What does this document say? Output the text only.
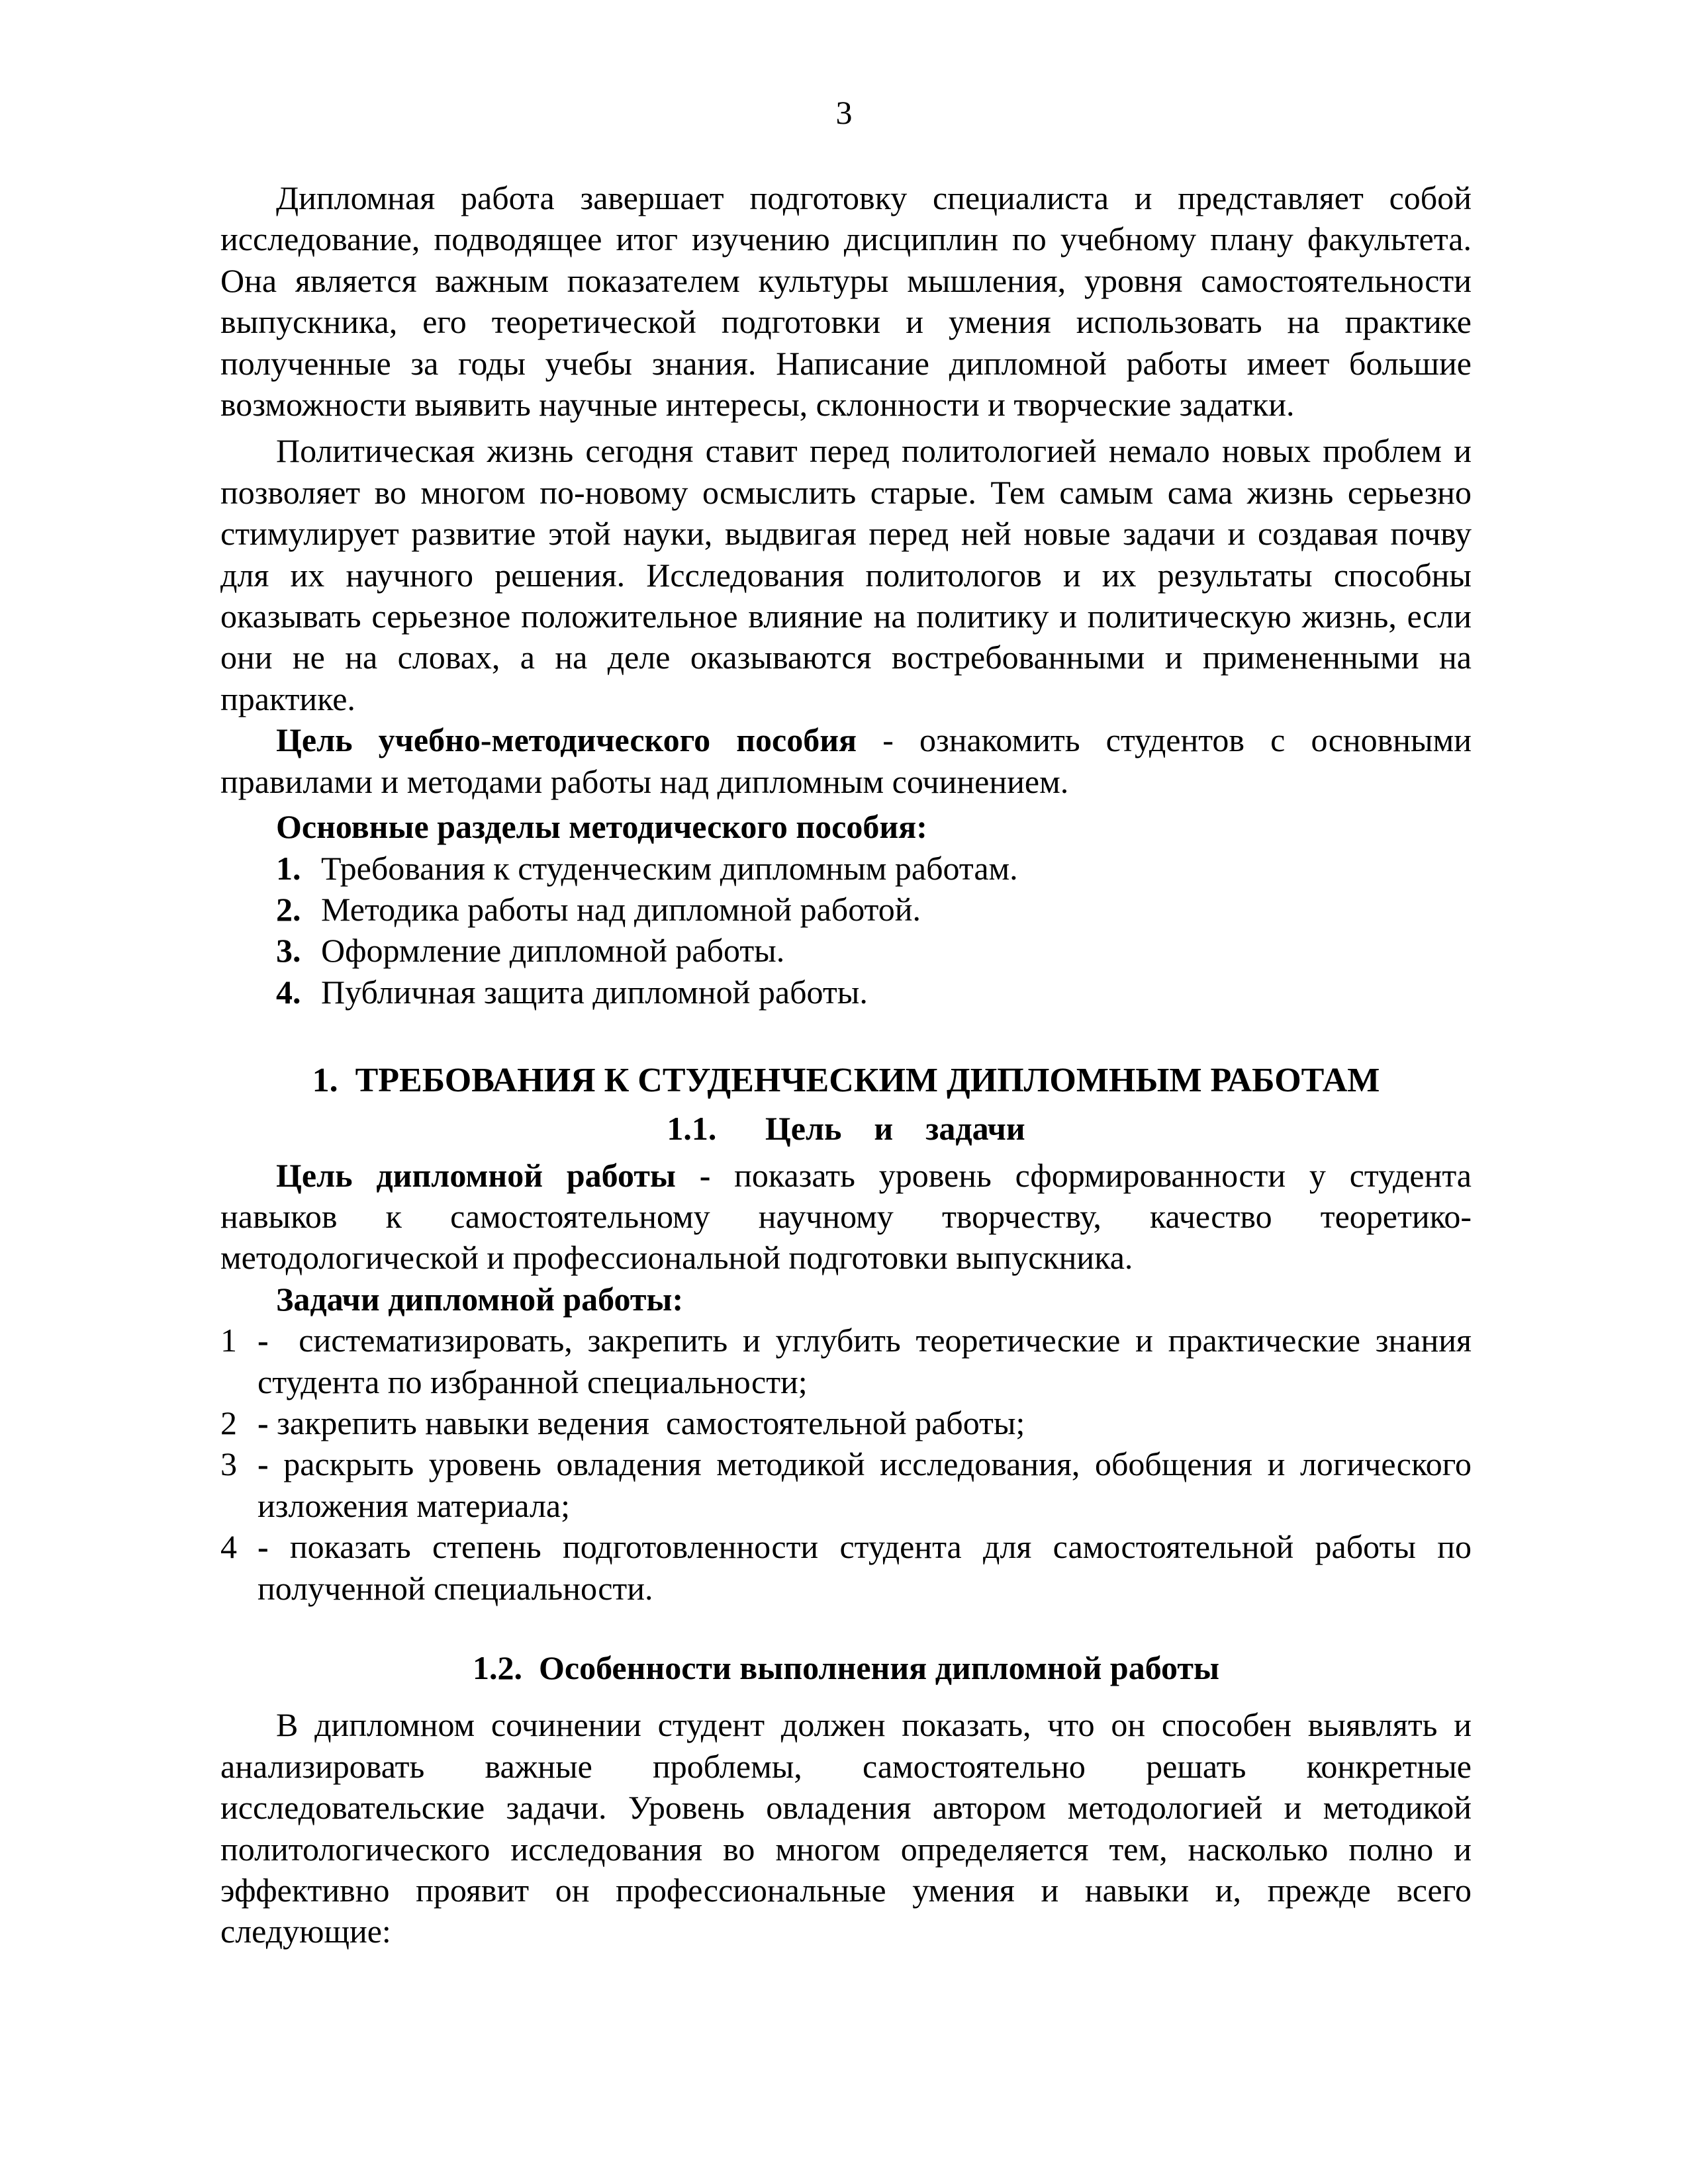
3

Дипломная работа завершает подготовку специалиста и представляет собой исследование, подводящее итог изучению дисциплин по учебному плану факультета. Она является важным показателем культуры мышления, уровня самостоятельности выпускника, его теоретической подготовки и умения использовать на практике полученные за годы учебы знания. Написание дипломной работы имеет большие возможности выявить научные интересы, склонности и творческие задатки.

Политическая жизнь сегодня ставит перед политологией немало новых проблем и позволяет во многом по-новому осмыслить старые. Тем самым сама жизнь серьезно стимулирует развитие этой науки, выдвигая перед ней новые задачи и создавая почву для их научного решения. Исследования политологов и их результаты способны оказывать серьезное положительное влияние на политику и политическую жизнь, если они не на словах, а на деле оказываются востребованными и примененными на практике.

Цель учебно-методического пособия - ознакомить студентов с основными правилами и методами работы над дипломным сочинением.

Основные разделы методического пособия:

1. Требования к студенческим дипломным работам.
2. Методика работы над дипломной работой.
3. Оформление дипломной работы.
4. Публичная защита дипломной работы.
1.  ТРЕБОВАНИЯ К СТУДЕНЧЕСКИМ ДИПЛОМНЫМ РАБОТАМ
1.1.   Цель  и  задачи

Цель дипломной работы - показать уровень сформированности у студента навыков к самостоятельному научному творчеству, качество теоретико-методологической и профессиональной подготовки выпускника.

Задачи дипломной работы:

1 -  систематизировать, закрепить и углубить теоретические и практические знания студента по избранной специальности;
2 - закрепить навыки ведения  самостоятельной работы;
3 - раскрыть уровень овладения методикой исследования, обобщения и логического изложения материала;
4 - показать степень подготовленности студента для самостоятельной работы по полученной специальности.
1.2.  Особенности выполнения дипломной работы

В дипломном сочинении студент должен показать, что он способен выявлять и анализировать важные проблемы, самостоятельно решать конкретные исследовательские задачи. Уровень овладения автором методологией и методикой политологического исследования во многом определяется тем, насколько полно и эффективно проявит он профессиональные умения и навыки и, прежде всего следующие:
